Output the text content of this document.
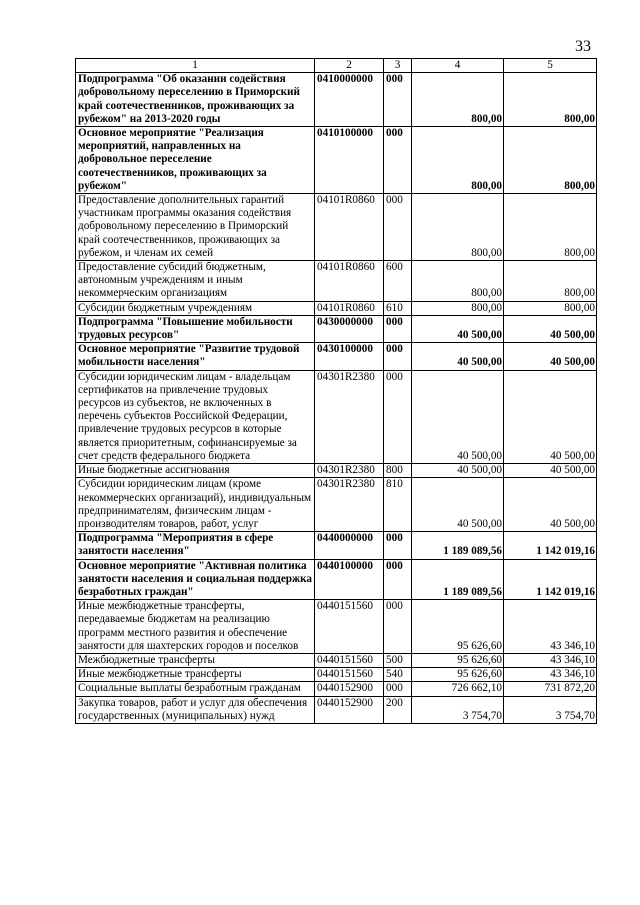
33
1	2	3	4	5
Подпрограмма "Об оказании содействия добровольному переселению в Приморский край соотечественников, проживающих за рубежом" на 2013-2020 годы	0410000000	000	800,00	800,00
Основное мероприятие "Реализация мероприятий, направленных на добровольное переселение соотечественников, проживающих за рубежом"	0410100000	000	800,00	800,00
Предоставление дополнительных гарантий участникам программы оказания содействия добровольному переселению в Приморский край соотечественников, проживающих за рубежом, и членам их семей	04101R0860	000	800,00	800,00
Предоставление субсидий бюджетным, автономным учреждениям и иным некоммерческим организациям	04101R0860	600	800,00	800,00
Субсидии бюджетным учреждениям	04101R0860	610	800,00	800,00
Подпрограмма "Повышение мобильности трудовых ресурсов"	0430000000	000	40 500,00	40 500,00
Основное мероприятие "Развитие трудовой мобильности населения"	0430100000	000	40 500,00	40 500,00
Субсидии юридическим лицам - владельцам сертификатов на привлечение трудовых ресурсов из субъектов, не включенных в перечень субъектов Российской Федерации, привлечение трудовых ресурсов в которые является приоритетным, софинансируемые за счет средств федерального бюджета	04301R2380	000	40 500,00	40 500,00
Иные бюджетные ассигнования	04301R2380	800	40 500,00	40 500,00
Субсидии юридическим лицам (кроме некоммерческих организаций), индивидуальным предпринимателям, физическим лицам - производителям товаров, работ, услуг	04301R2380	810	40 500,00	40 500,00
Подпрограмма "Мероприятия в сфере занятости населения"	0440000000	000	1 189 089,56	1 142 019,16
Основное мероприятие "Активная политика занятости населения и социальная поддержка безработных граждан"	0440100000	000	1 189 089,56	1 142 019,16
Иные межбюджетные трансферты, передаваемые бюджетам на реализацию программ местного развития и обеспечение занятости для шахтерских городов и поселков	0440151560	000	95 626,60	43 346,10
Межбюджетные трансферты	0440151560	500	95 626,60	43 346,10
Иные межбюджетные трансферты	0440151560	540	95 626,60	43 346,10
Социальные выплаты безработным гражданам	0440152900	000	726 662,10	731 872,20
Закупка товаров, работ и услуг для обеспечения государственных (муниципальных) нужд	0440152900	200	3 754,70	3 754,70
